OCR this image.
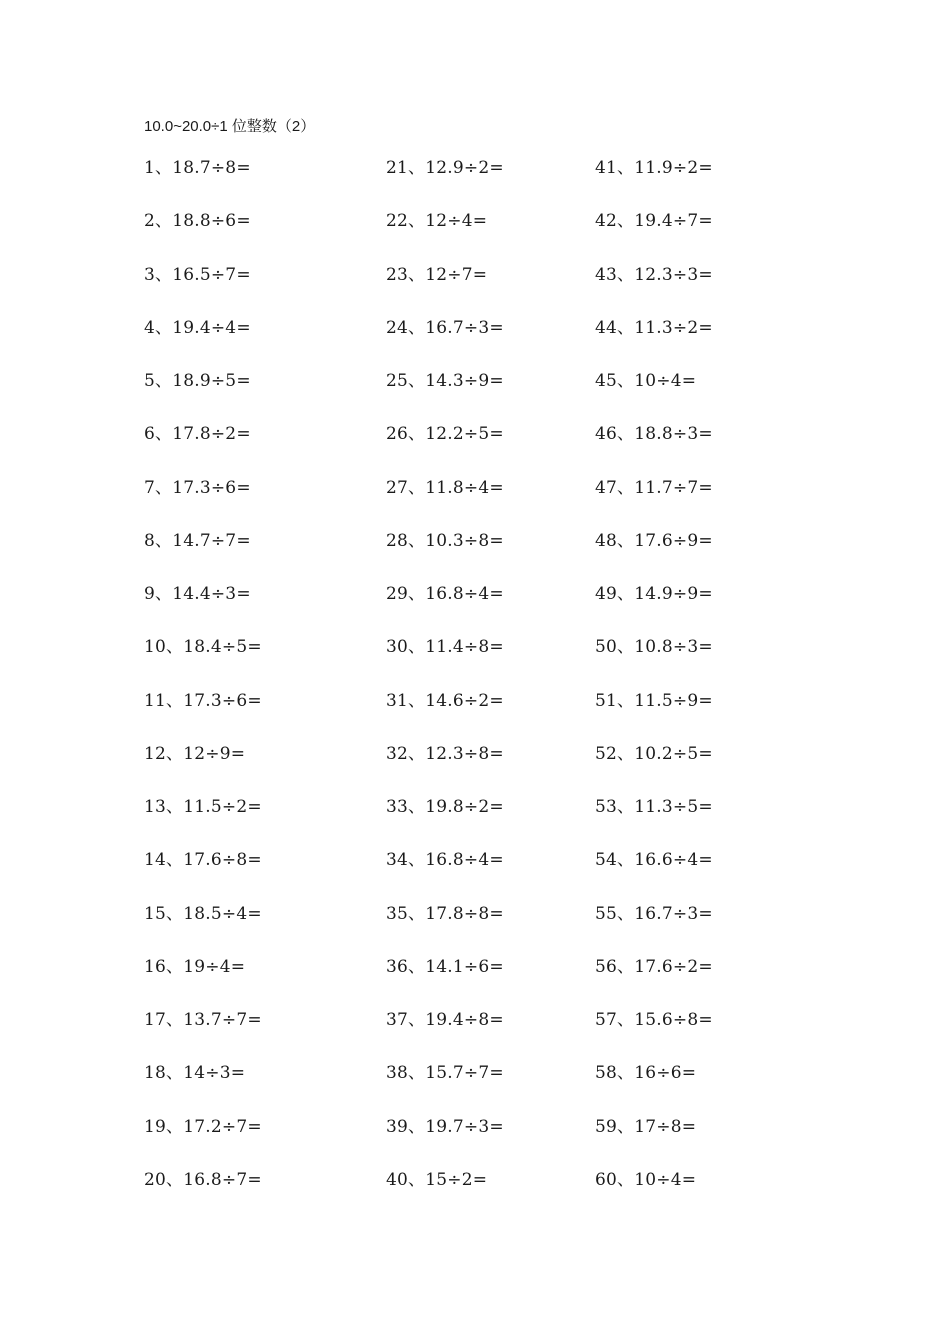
10.0~20.0÷1 位整数（2）
1、18.7÷8=
2、18.8÷6=
3、16.5÷7=
4、19.4÷4=
5、18.9÷5=
6、17.8÷2=
7、17.3÷6=
8、14.7÷7=
9、14.4÷3=
10、18.4÷5=
11、17.3÷6=
12、12÷9=
13、11.5÷2=
14、17.6÷8=
15、18.5÷4=
16、19÷4=
17、13.7÷7=
18、14÷3=
19、17.2÷7=
20、16.8÷7=
21、12.9÷2=
22、12÷4=
23、12÷7=
24、16.7÷3=
25、14.3÷9=
26、12.2÷5=
27、11.8÷4=
28、10.3÷8=
29、16.8÷4=
30、11.4÷8=
31、14.6÷2=
32、12.3÷8=
33、19.8÷2=
34、16.8÷4=
35、17.8÷8=
36、14.1÷6=
37、19.4÷8=
38、15.7÷7=
39、19.7÷3=
40、15÷2=
41、11.9÷2=
42、19.4÷7=
43、12.3÷3=
44、11.3÷2=
45、10÷4=
46、18.8÷3=
47、11.7÷7=
48、17.6÷9=
49、14.9÷9=
50、10.8÷3=
51、11.5÷9=
52、10.2÷5=
53、11.3÷5=
54、16.6÷4=
55、16.7÷3=
56、17.6÷2=
57、15.6÷8=
58、16÷6=
59、17÷8=
60、10÷4=
